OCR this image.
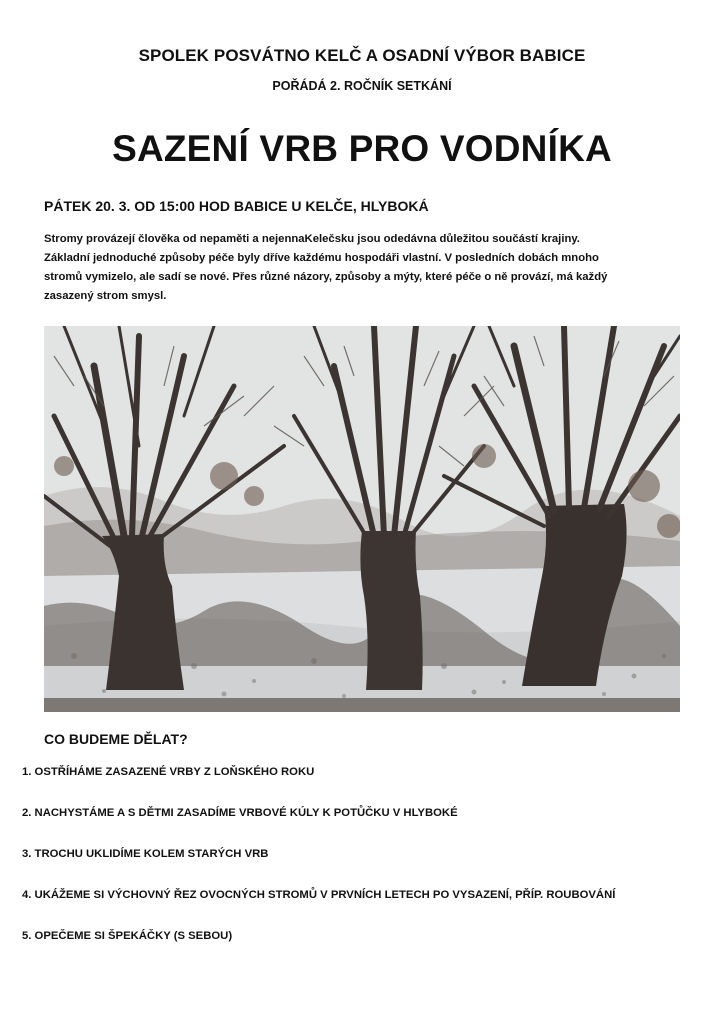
SPOLEK POSVÁTNO KELČ A OSADNÍ VÝBOR BABICE
POŘÁDÁ 2. ROČNÍK SETKÁNÍ
SAZENÍ VRB PRO VODNÍKA
PÁTEK 20. 3. OD 15:00 HOD BABICE U KELČE, HLYBOKÁ
Stromy provázejí člověka od nepaměti a nejennaKelečsku jsou odedávna důležitou součástí krajiny.
Základní jednoduché způsoby péče byly dříve každému hospodáři vlastní. V posledních dobách mnoho
stromů vymizelo, ale sadí se nové. Přes různé názory, způsoby a mýty, které péče o ně provází, má každý
zasazený strom smysl.
CO BUDEME DĚLAT?
1. OSTŘÍHÁME ZASAZENÉ VRBY Z LOŇSKÉHO ROKU
2. NACHYSTÁME A S DĚTMI ZASADÍME VRBOVÉ KÚLY K POTŮČKU V HLYBOKÉ
3. TROCHU UKLIDÍME KOLEM STARÝCH VRB
4. UKÁŽEME SI VÝCHOVNÝ ŘEZ OVOCNÝCH STROMŮ V PRVNÍCH LETECH PO VYSAZENÍ, PŘÍP. ROUBOVÁNÍ
5. OPEČEME SI ŠPEKÁČKY (S SEBOU)
